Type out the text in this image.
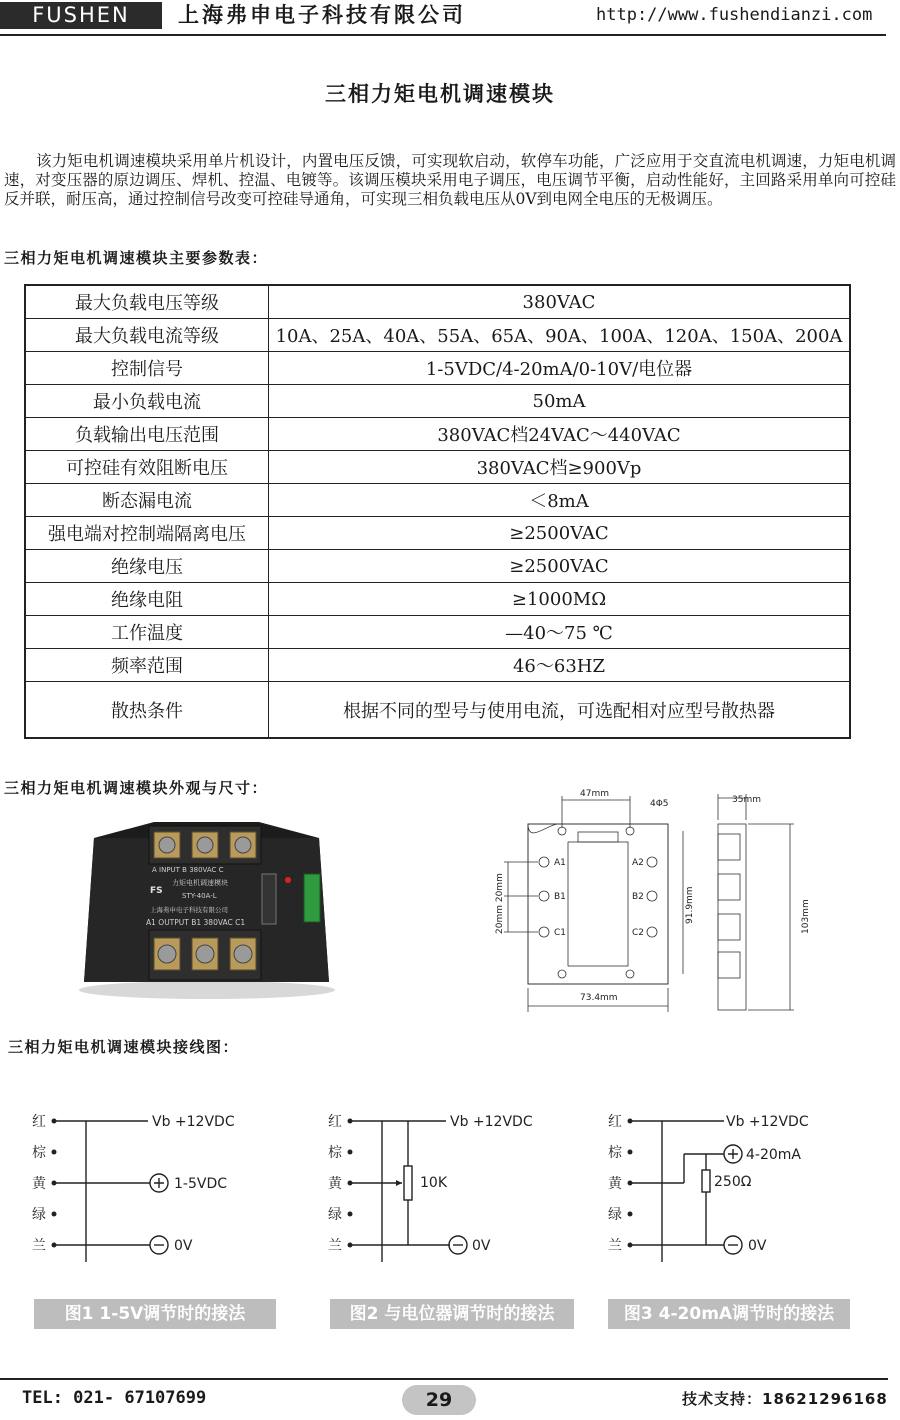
FUSHEN	上海弗申电子科技有限公司	http://www.fushendianzi.com
三相力矩电机调速模块
该力矩电机调速模块采用单片机设计，内置电压反馈，可实现软启动，软停车功能，广泛应用于交直流电机调速，力矩电机调速，对变压器的原边调压、焊机、控温、电镀等。该调压模块采用电子调压，电压调节平衡，启动性能好，主回路采用单向可控硅反并联，耐压高，通过控制信号改变可控硅导通角，可实现三相负载电压从0V到电网全电压的无极调压。
三相力矩电机调速模块主要参数表：
最大负载电压等级	380VAC
最大负载电流等级	10A、25A、40A、55A、65A、90A、100A、120A、150A、200A
控制信号	1-5VDC/4-20mA/0-10V/电位器
最小负载电流	50mA
负载输出电压范围	380VAC档24VAC～440VAC
可控硅有效阻断电压	380VAC档≥900Vp
断态漏电流	＜8mA
强电端对控制端隔离电压	≥2500VAC
绝缘电压	≥2500VAC
绝缘电阻	≥1000MΩ
工作温度	—40～75 ℃
频率范围	46～63HZ
散热条件	根据不同的型号与使用电流，可选配相对应型号散热器
三相力矩电机调速模块外观与尺寸：
A INPUT B 380VAC C
FS
力矩电机调速模块
STY-40A-L
上海弗申电子科技有限公司
A1 OUTPUT B1 380VAC C1
47mm
4Φ5	35mm
73.4mm
A1
B1
C1
A2
B2
C2
91.9mm
20mm 20mm	103mm
三相力矩电机调速模块接线图：
红
棕
黄
绿
兰
Vb +12VDC
1-5VDC
0V
红
棕
黄
绿
兰
Vb +12VDC
10K
0V
红
棕
黄
绿
兰
Vb +12VDC
4-20mA
250Ω
0V
图1 1-5V调节时的接法	图2 与电位器调节时的接法	图3 4-20mA调节时的接法
TEL: 021- 67107699	29	技术支持：18621296168
